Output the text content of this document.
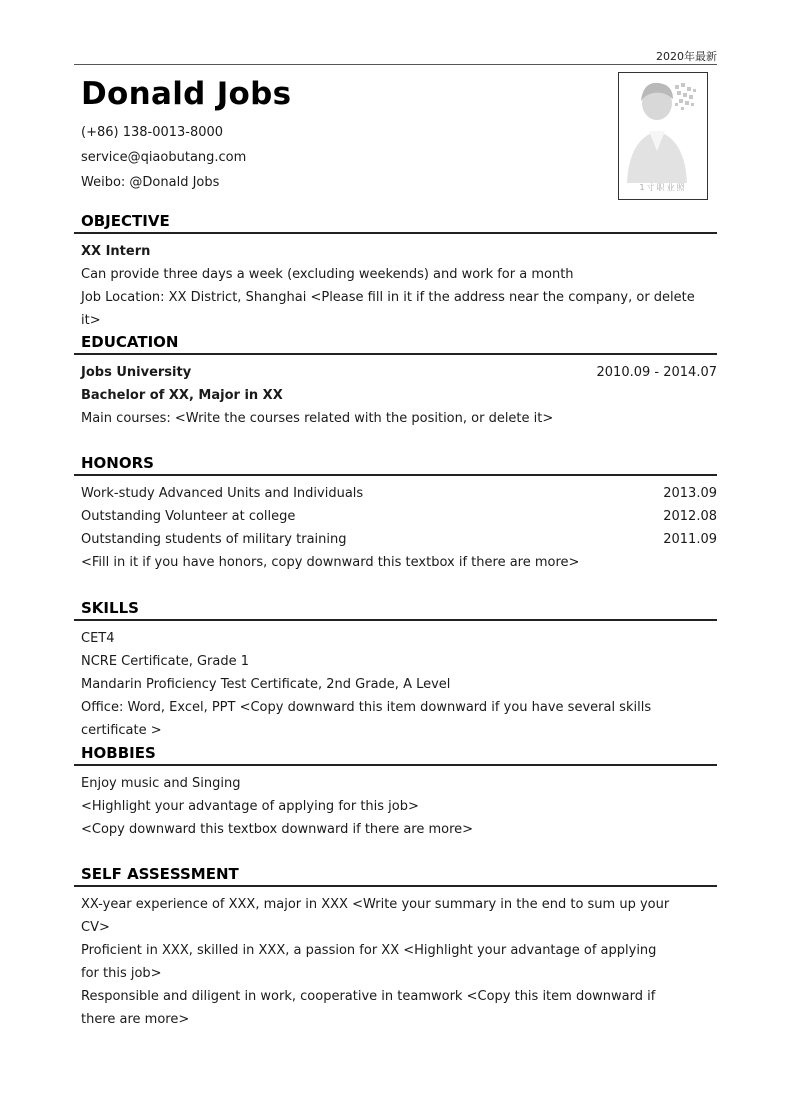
2020年最新
Donald Jobs
(+86) 138-0013-8000
service@qiaobutang.com
Weibo: @Donald Jobs	1寸职业照
OBJECTIVE
XX Intern
Can provide three days a week (excluding weekends) and work for a month
Job Location: XX District, Shanghai <Please fill in it if the address near the company, or delete it>
EDUCATION
Jobs University	2010.09 - 2014.07
Bachelor of XX, Major in XX
Main courses: <Write the courses related with the position, or delete it>
HONORS
Work-study Advanced Units and Individuals	2013.09
Outstanding Volunteer at college	2012.08
Outstanding students of military training	2011.09
<Fill in it if you have honors, copy downward this textbox if there are more>
SKILLS
CET4
NCRE Certificate, Grade 1
Mandarin Proficiency Test Certificate, 2nd Grade, A Level
Office: Word, Excel, PPT <Copy downward this item downward if you have several skills certificate >
HOBBIES
Enjoy music and Singing
<Highlight your advantage of applying for this job>
<Copy downward this textbox downward if there are more>
SELF ASSESSMENT
XX-year experience of XXX, major in XXX <Write your summary in the end to sum up your CV>
Proficient in XXX, skilled in XXX, a passion for XX <Highlight your advantage of applying for this job>
Responsible and diligent in work, cooperative in teamwork <Copy this item downward if there are more>
